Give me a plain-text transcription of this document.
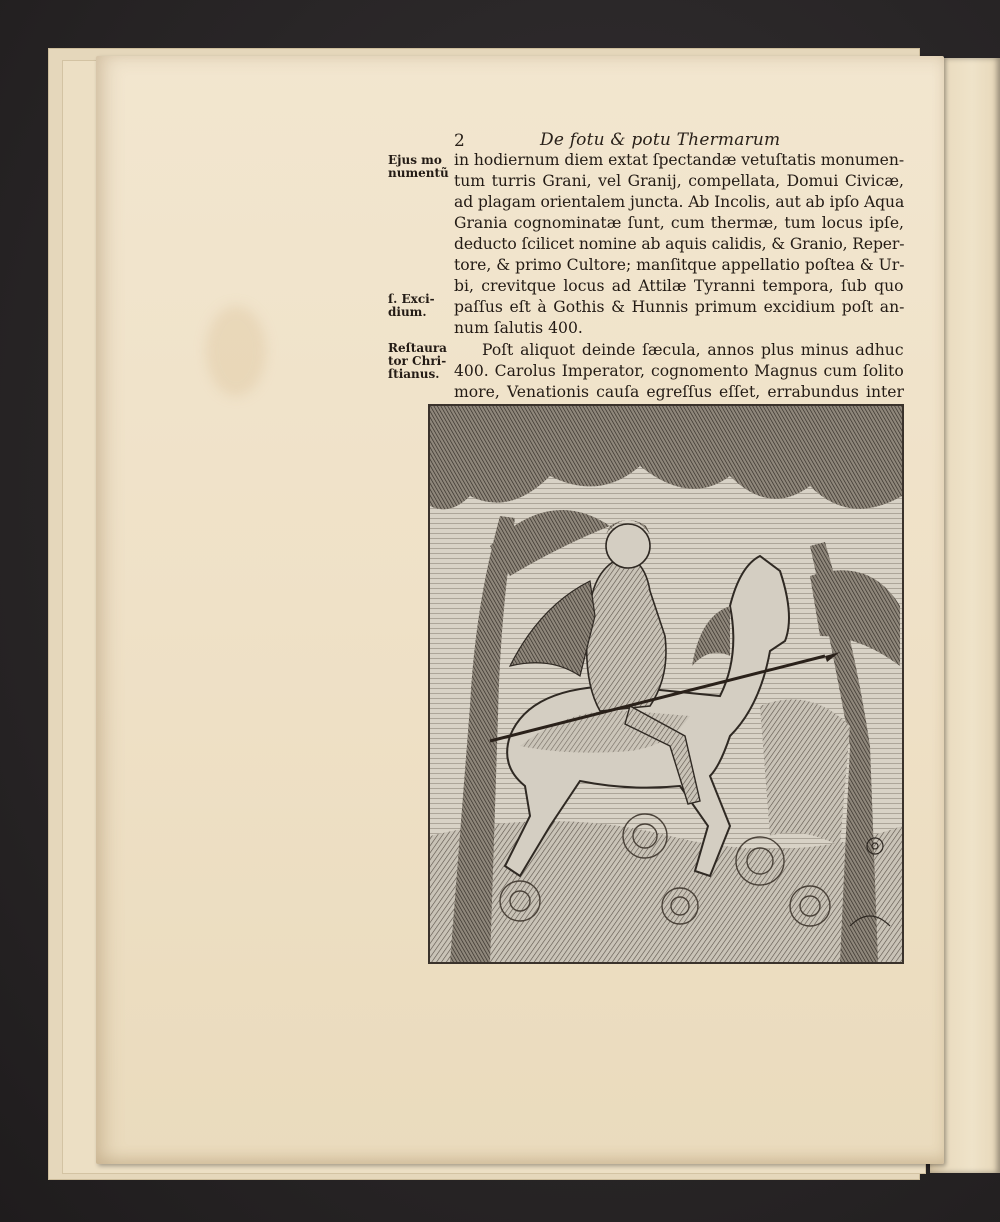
2	De fotu & potu Thermarum
Ejus mo numentũ
ſ. Exci- dium.
Reſtaura tor Chri- ſtianus.
in hodiernum diem extat ſpectandæ vetuſtatis monumen-
tum turris Grani, vel Granij, compellata, Domui Civicæ,
ad plagam orientalem juncta. Ab Incolis, aut ab ipſo Aqua
Grania cognominatæ ſunt, cum thermæ, tum locus ipſe,
deducto ſcilicet nomine ab aquis calidis, & Granio, Reper-
tore, & primo Cultore; manſitque appellatio poſtea & Ur-
bi, crevitque locus ad Attilæ Tyranni tempora, ſub quo
paſſus eſt à Gothis & Hunnis primum excidium poſt an-
num ſalutis 400.
Poſt aliquot deinde ſæcula, annos plus minus adhuc
400. Carolus Imperator, cognomento Magnus cum ſolito
more, Venationis cauſa egreſſus eſſet, errabundus inter
